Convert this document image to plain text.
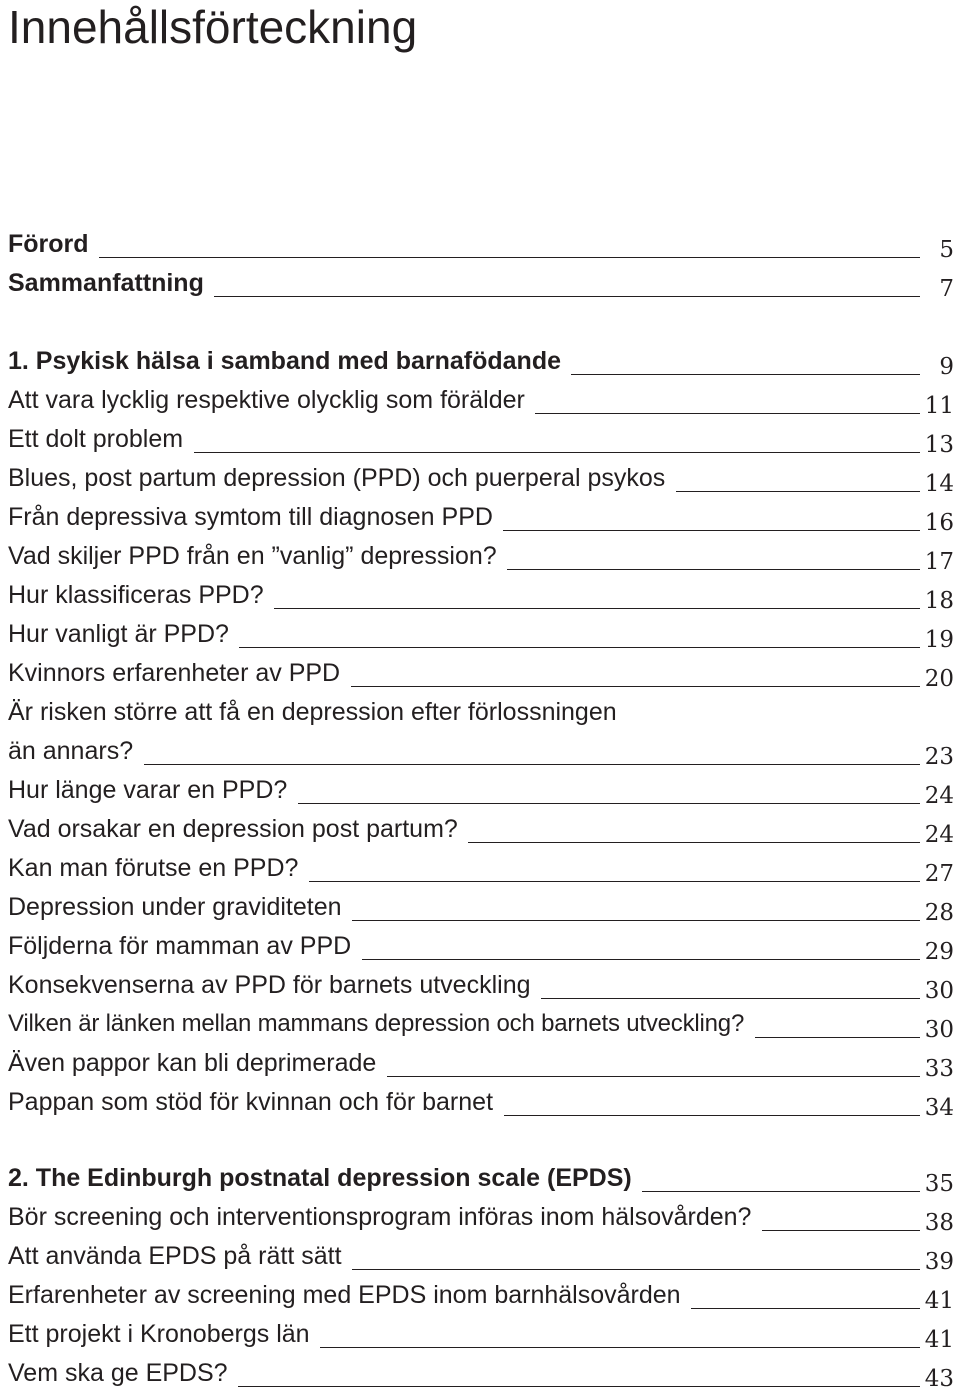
Innehållsförteckning
Förord	5
Sammanfattning	7
1. Psykisk hälsa i samband med barnafödande	9
Att vara lycklig respektive olycklig som förälder	11
Ett dolt problem	13
Blues, post partum depression (PPD) och puerperal psykos	14
Från depressiva symtom till diagnosen PPD	16
Vad skiljer PPD från en ”vanlig” depression?	17
Hur klassificeras PPD?	18
Hur vanligt är PPD?	19
Kvinnors erfarenheter av PPD	20
Är risken större att få en depression efter förlossningen
än annars?	23
Hur länge varar en PPD?	24
Vad orsakar en depression post partum?	24
Kan man förutse en PPD?	27
Depression under graviditeten	28
Följderna för mamman av PPD	29
Konsekvenserna av PPD för barnets utveckling	30
Vilken är länken mellan mammans depression och barnets utveckling?	30
Även pappor kan bli deprimerade	33
Pappan som stöd för kvinnan och för barnet	34
2. The Edinburgh postnatal depression scale (EPDS)	35
Bör screening och interventionsprogram införas inom hälsovården?	38
Att använda EPDS på rätt sätt	39
Erfarenheter av screening med EPDS inom barnhälsovården	41
Ett projekt i Kronobergs län	41
Vem ska ge EPDS?	43
